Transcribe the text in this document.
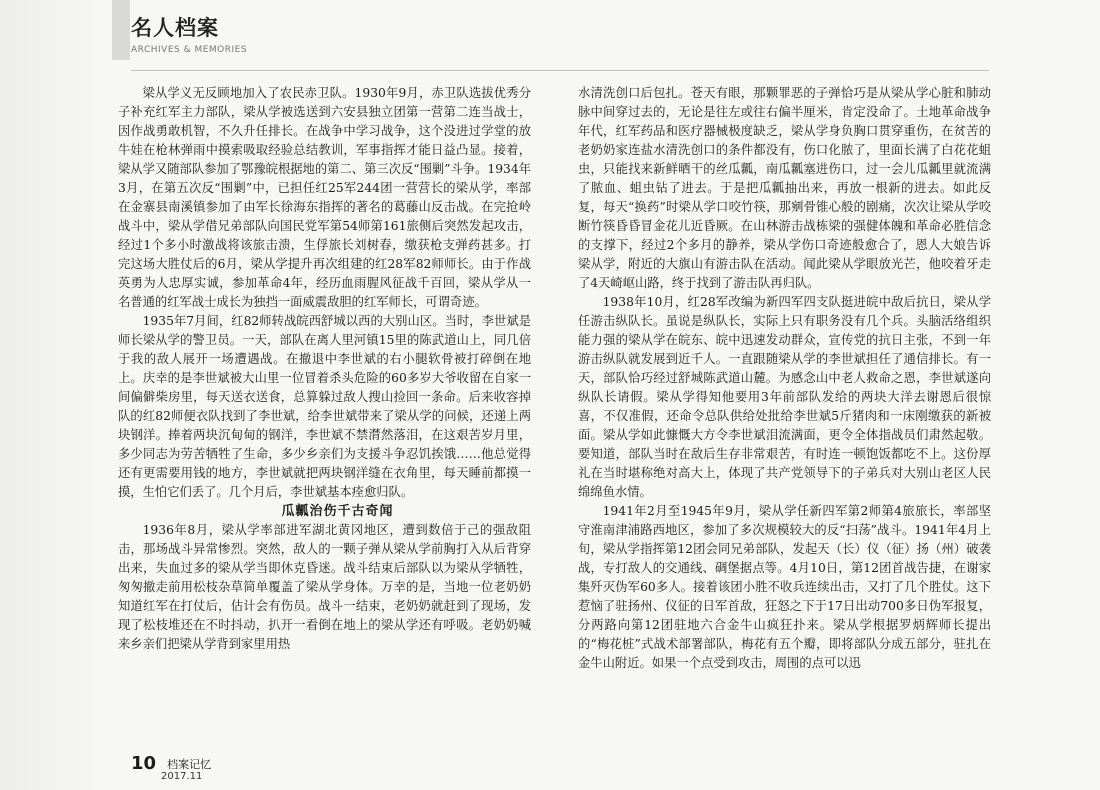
名人档案
ARCHIVES & MEMORIES

梁从学义无反顾地加入了农民赤卫队。1930年9月，赤卫队选拔优秀分子补充红军主力部队，梁从学被选送到六安县独立团第一营第二连当战士，因作战勇敢机智，不久升任排长。在战争中学习战争，这个没进过学堂的放牛娃在枪林弹雨中摸索吸取经验总结教训，军事指挥才能日益凸显。接着，梁从学又随部队参加了鄂豫皖根据地的第二、第三次反“围剿”斗争。1934年3月，在第五次反“围剿”中，已担任红25军244团一营营长的梁从学，率部在金寨县南溪镇参加了由军长徐海东指挥的著名的葛藤山反击战。在完抢岭战斗中，梁从学借兄弟部队向国民党军第54师第161旅侧后突然发起攻击，经过1个多小时激战将该旅击溃，生俘旅长刘树春，缴获枪支弹药甚多。打完这场大胜仗后的6月，梁从学提升再次组建的红28军82师师长。由于作战英勇为人忠厚实诚，参加革命4年，经历血雨腥风征战千百回，梁从学从一名普通的红军战士成长为独挡一面威震敌胆的红军师长，可谓奇迹。

1935年7月间，红82师转战皖西舒城以西的大别山区。当时，李世斌是师长梁从学的警卫员。一天，部队在离人里河镇15里的陈武道山上，同几倍于我的敌人展开一场遭遇战。在撤退中李世斌的右小腿软骨被打碎倒在地上。庆幸的是李世斌被大山里一位冒着杀头危险的60多岁大爷收留在自家一间偏僻柴房里，每天送衣送食，总算躲过敌人搜山捡回一条命。后来收容掉队的红82师便衣队找到了李世斌，给李世斌带来了梁从学的问候，还递上两块钢洋。捧着两块沉甸甸的钢洋，李世斌不禁潸然落泪，在这艰苦岁月里，多少同志为劳苦牺牲了生命，多少乡亲们为支援斗争忍饥挨饿……他总觉得还有更需要用钱的地方，李世斌就把两块钢洋缝在衣角里，每天睡前都摸一摸，生怕它们丢了。几个月后，李世斌基本痊愈归队。

瓜瓤治伤千古奇闻

1936年8月，梁从学率部进军湖北黄冈地区，遭到数倍于己的强敌阻击，那场战斗异常惨烈。突然，敌人的一颗子弹从梁从学前胸打入从后背穿出来，失血过多的梁从学当即休克昏迷。战斗结束后部队以为梁从学牺牲，匆匆撤走前用松枝杂草简单覆盖了梁从学身体。万幸的是，当地一位老奶奶知道红军在打仗后，估计会有伤员。战斗一结束，老奶奶就赶到了现场，发现了松枝堆还在不时抖动，扒开一看倒在地上的梁从学还有呼吸。老奶奶喊来乡亲们把梁从学背到家里用热

水清洗创口后包扎。苍天有眼，那颗罪恶的子弹恰巧是从梁从学心脏和肺动脉中间穿过去的，无论是往左或往右偏半厘米，肯定没命了。土地革命战争年代，红军药品和医疗器械极度缺乏，梁从学身负胸口贯穿重伤，在贫苦的老奶奶家连盐水清洗创口的条件都没有，伤口化脓了，里面长满了白花花蛆虫，只能找来新鲜晒干的丝瓜瓤，南瓜瓤塞进伤口，过一会儿瓜瓤里就流满了脓血、蛆虫钻了进去。于是把瓜瓤抽出来，再放一根新的进去。如此反复，每天“换药”时梁从学口咬竹筷，那剜骨锥心般的剧痛，次次让梁从学咬断竹筷昏昏冒金花儿近昏厥。在山林游击战栋梁的强健体魄和革命必胜信念的支撑下，经过2个多月的静养，梁从学伤口奇迹般愈合了，恩人大娘告诉梁从学，附近的大旗山有游击队在活动。闻此梁从学眼放光芒，他咬着牙走了4天崎岖山路，终于找到了游击队再归队。

1938年10月，红28军改编为新四军四支队挺进皖中敌后抗日，梁从学任游击纵队长。虽说是纵队长，实际上只有职务没有几个兵。头脑活络组织能力强的梁从学在皖东、皖中迅速发动群众，宣传党的抗日主张，不到一年游击纵队就发展到近千人。一直跟随梁从学的李世斌担任了通信排长。有一天，部队恰巧经过舒城陈武道山麓。为感念山中老人救命之恩，李世斌遂向纵队长请假。梁从学得知他要用3年前部队发给的两块大洋去谢恩后很惊喜，不仅准假，还命令总队供给处批给李世斌5斤猪肉和一床刚缴获的新被面。梁从学如此慷慨大方令李世斌泪流满面，更令全体指战员们肃然起敬。要知道，部队当时在敌后生存非常艰苦，有时连一顿饱饭都吃不上。这份厚礼在当时堪称绝对高大上，体现了共产党领导下的子弟兵对大别山老区人民绵绵鱼水情。

1941年2月至1945年9月，梁从学任新四军第2师第4旅旅长，率部坚守淮南津浦路西地区，参加了多次规模较大的反“扫荡”战斗。1941年4月上旬，梁从学指挥第12团会同兄弟部队，发起天（长）仪（征）扬（州）破袭战，专打敌人的交通线、碉堡据点等。4月10日，第12团首战告捷，在谢家集歼灭伪军60多人。接着该团小胜不收兵连续出击，又打了几个胜仗。这下惹恼了驻扬州、仪征的日军首敌，狂怒之下于17日出动700多日伪军报复，分两路向第12团驻地六合金牛山疯狂扑来。梁从学根据罗炳辉师长提出的“梅花桩”式战术部署部队，梅花有五个瓣，即将部队分成五部分，驻扎在金牛山附近。如果一个点受到攻击，周围的点可以迅

10 档案记忆
2017.11
